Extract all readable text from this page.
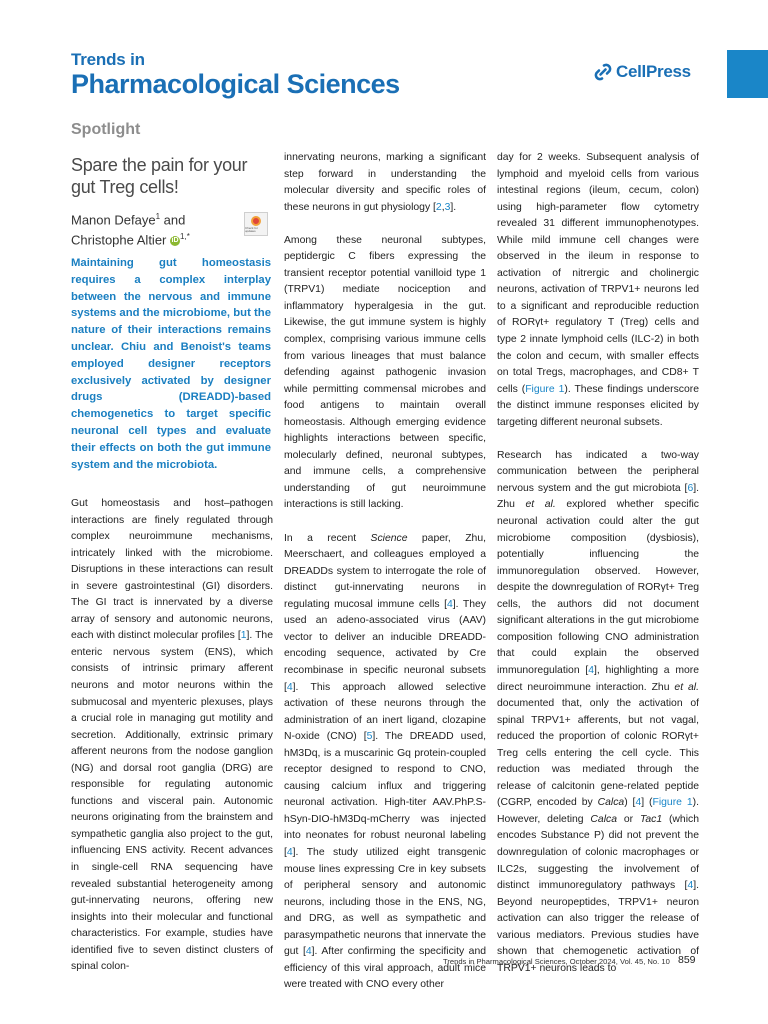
Trends in
Pharmacological Sciences	CellPress
Spotlight
Spare the pain for your gut Treg cells!
Manon Defaye$^1$ and
Christophe Altier iD $^{1,*}$
Check for updates
Maintaining gut homeostasis requires a complex interplay between the nervous and immune systems and the microbiome, but the nature of their interactions remains unclear. Chiu and Benoist's teams employed designer receptors exclusively activated by designer drugs (DREADD)-based chemogenetics to target specific neuronal cell types and evaluate their effects on both the gut immune system and the microbiota.

Gut homeostasis and host–pathogen interactions are finely regulated through complex neuroimmune mechanisms, intricately linked with the microbiome. Disruptions in these interactions can result in severe gastrointestinal (GI) disorders. The GI tract is innervated by a diverse array of sensory and autonomic neurons, each with distinct molecular profiles [1]. The enteric nervous system (ENS), which consists of intrinsic primary afferent neurons and motor neurons within the submucosal and myenteric plexuses, plays a crucial role in managing gut motility and secretion. Additionally, extrinsic primary afferent neurons from the nodose ganglion (NG) and dorsal root ganglia (DRG) are responsible for regulating autonomic functions and visceral pain. Autonomic neurons originating from the brainstem and sympathetic ganglia also project to the gut, influencing ENS activity. Recent advances in single-cell RNA sequencing have revealed substantial heterogeneity among gut-innervating neurons, offering new insights into their molecular and functional characteristics. For example, studies have identified five to seven distinct clusters of spinal colon-

innervating neurons, marking a significant step forward in understanding the molecular diversity and specific roles of these neurons in gut physiology [2,3].

Among these neuronal subtypes, peptidergic C fibers expressing the transient receptor potential vanilloid type 1 (TRPV1) mediate nociception and inflammatory hyperalgesia in the gut. Likewise, the gut immune system is highly complex, comprising various immune cells from various lineages that must balance defending against pathogenic invasion while permitting commensal microbes and food antigens to maintain overall homeostasis. Although emerging evidence highlights interactions between specific, molecularly defined, neuronal subtypes, and immune cells, a comprehensive understanding of gut neuroimmune interactions is still lacking.

In a recent Science paper, Zhu, Meerschaert, and colleagues employed a DREADDs system to interrogate the role of distinct gut-innervating neurons in regulating mucosal immune cells [4]. They used an adeno-associated virus (AAV) vector to deliver an inducible DREADD-encoding sequence, activated by Cre recombinase in specific neuronal subsets [4]. This approach allowed selective activation of these neurons through the administration of an inert ligand, clozapine N-oxide (CNO) [5]. The DREADD used, hM3Dq, is a muscarinic Gq protein-coupled receptor designed to respond to CNO, causing calcium influx and triggering neuronal activation. High-titer AAV.PhP.S-hSyn-DIO-hM3Dq-mCherry was injected into neonates for robust neuronal labeling [4]. The study utilized eight transgenic mouse lines expressing Cre in key subsets of peripheral sensory and autonomic neurons, including those in the ENS, NG, and DRG, as well as sympathetic and parasympathetic neurons that innervate the gut [4]. After confirming the specificity and efficiency of this viral approach, adult mice were treated with CNO every other

day for 2 weeks. Subsequent analysis of lymphoid and myeloid cells from various intestinal regions (ileum, cecum, colon) using high-parameter flow cytometry revealed 31 different immunophenotypes. While mild immune cell changes were observed in the ileum in response to activation of nitrergic and cholinergic neurons, activation of TRPV1+ neurons led to a significant and reproducible reduction of RORγt+ regulatory T (Treg) cells and type 2 innate lymphoid cells (ILC-2) in both the colon and cecum, with smaller effects on total Tregs, macrophages, and CD8+ T cells (Figure 1). These findings underscore the distinct immune responses elicited by targeting different neuronal subsets.

Research has indicated a two-way communication between the peripheral nervous system and the gut microbiota [6]. Zhu et al. explored whether specific neuronal activation could alter the gut microbiome composition (dysbiosis), potentially influencing the immunoregulation observed. However, despite the downregulation of RORγt+ Treg cells, the authors did not document significant alterations in the gut microbiome composition following CNO administration that could explain the observed immunoregulation [4], highlighting a more direct neuroimmune interaction. Zhu et al. documented that, only the activation of spinal TRPV1+ afferents, but not vagal, reduced the proportion of colonic RORγt+ Treg cells entering the cell cycle. This reduction was mediated through the release of calcitonin gene-related peptide (CGRP, encoded by Calca) [4] (Figure 1). However, deleting Calca or Tac1 (which encodes Substance P) did not prevent the downregulation of colonic macrophages or ILC2s, suggesting the involvement of distinct immunoregulatory pathways [4]. Beyond neuropeptides, TRPV1+ neuron activation can also trigger the release of various mediators. Previous studies have shown that chemogenetic activation of TRPV1+ neurons leads to

Trends in Pharmacological Sciences, October 2024, Vol. 45, No. 10 859
